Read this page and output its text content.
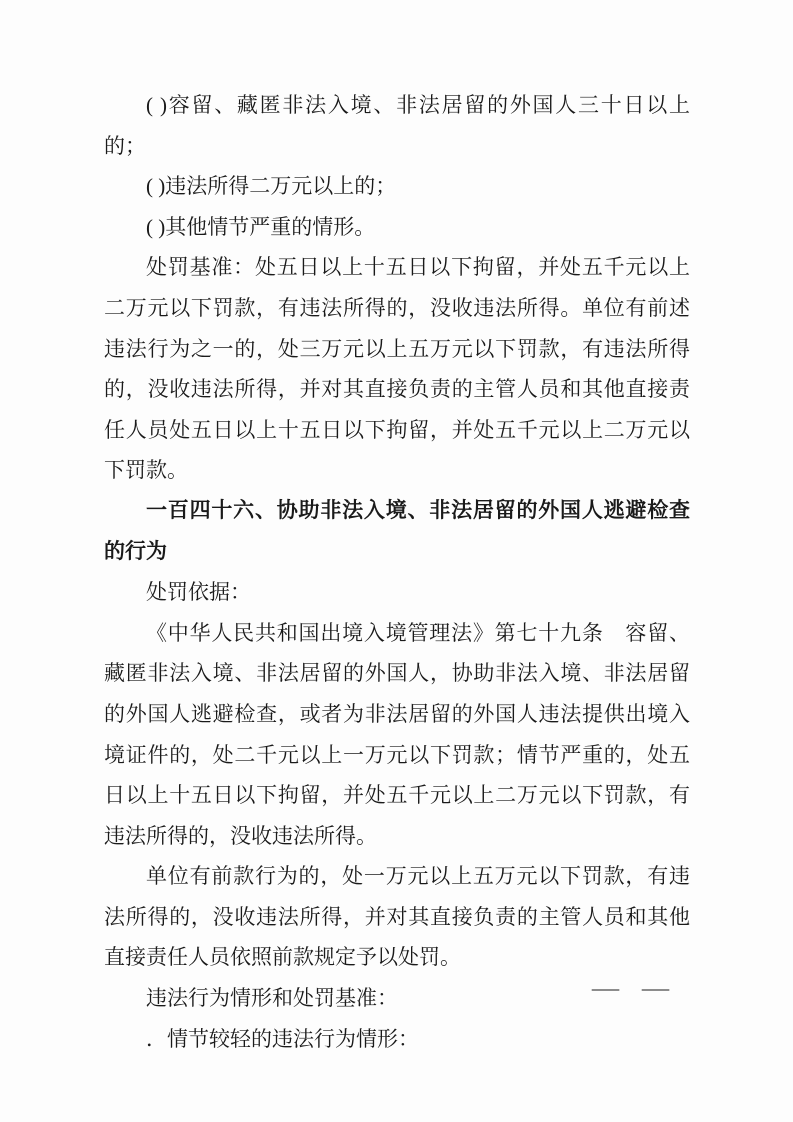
( )容留、藏匿非法入境、非法居留的外国人三十日以上的；

( )违法所得二万元以上的；

( )其他情节严重的情形。

处罚基准：处五日以上十五日以下拘留，并处五千元以上二万元以下罚款，有违法所得的，没收违法所得。单位有前述违法行为之一的，处三万元以上五万元以下罚款，有违法所得的，没收违法所得，并对其直接负责的主管人员和其他直接责任人员处五日以上十五日以下拘留，并处五千元以上二万元以下罚款。

一百四十六、协助非法入境、非法居留的外国人逃避检查的行为

处罚依据：

《中华人民共和国出境入境管理法》第七十九条　容留、藏匿非法入境、非法居留的外国人，协助非法入境、非法居留的外国人逃避检查，或者为非法居留的外国人违法提供出境入境证件的，处二千元以上一万元以下罚款；情节严重的，处五日以上十五日以下拘留，并处五千元以上二万元以下罚款，有违法所得的，没收违法所得。

单位有前款行为的，处一万元以上五万元以下罚款，有违法所得的，没收违法所得，并对其直接负责的主管人员和其他直接责任人员依照前款规定予以处罚。

违法行为情形和处罚基准：

．情节较轻的违法行为情形：

— —
